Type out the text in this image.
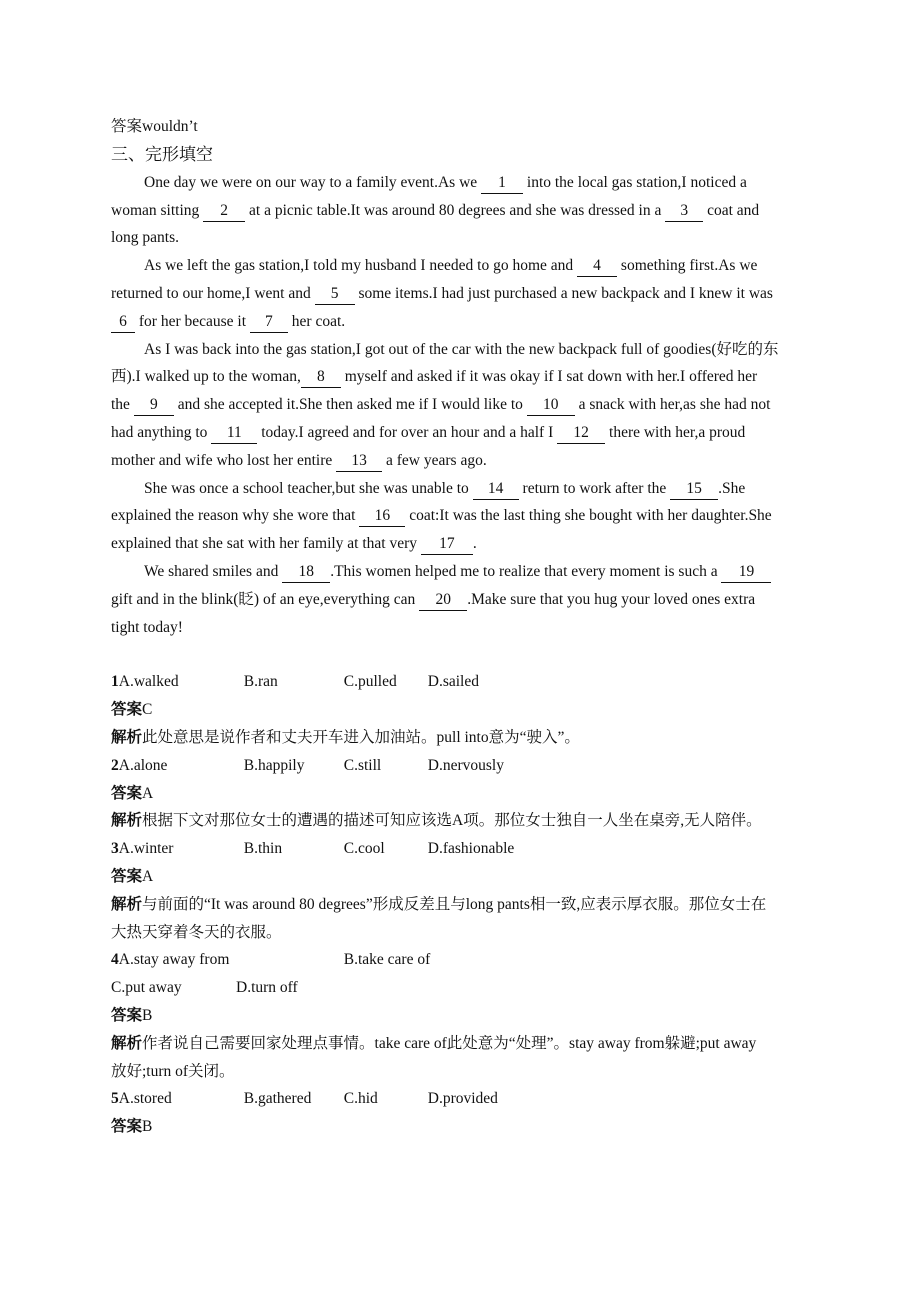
答案wouldn’t
三、完形填空
One day we were on our way to a family event.As we 1 into the local gas station,I noticed a
woman sitting 2 at a picnic table.It was around 80 degrees and she was dressed in a 3 coat and
long pants.
As we left the gas station,I told my husband I needed to go home and 4 something first.As we
returned to our home,I went and 5 some items.I had just purchased a new backpack and I knew it was
6 for her because it 7 her coat.
As I was back into the gas station,I got out of the car with the new backpack full of goodies(好吃的东
西).I walked up to the woman, 8 myself and asked if it was okay if I sat down with her.I offered her
the 9 and she accepted it.She then asked me if I would like to 10 a snack with her,as she had not
had anything to 11 today.I agreed and for over an hour and a half I 12 there with her,a proud
mother and wife who lost her entire 13 a few years ago.
She was once a school teacher,but she was unable to 14 return to work after the 15 .She
explained the reason why she wore that 16 coat:It was the last thing she bought with her daughter.She
explained that she sat with her family at that very 17 .
We shared smiles and 18 .This women helped me to realize that every moment is such a 19
gift and in the blink(眨) of an eye,everything can 20 .Make sure that you hug your loved ones extra
tight today!
1A.walked	B.ran	C.pulled D.sailed
答案C
解析此处意思是说作者和丈夫开车进入加油站。pull into意为“驶入”。
2A.alone	B.happily	C.still	D.nervously
答案A
解析根据下文对那位女士的遭遇的描述可知应该选A项。那位女士独自一人坐在桌旁,无人陪伴。
3A.winter	B.thin	C.cool	D.fashionable
答案A
解析与前面的“It was around 80 degrees”形成反差且与long pants相一致,应表示厚衣服。那位女士在
大热天穿着冬天的衣服。
4A.stay away from	B.take care of
C.put away	D.turn off
答案B
解析作者说自己需要回家处理点事情。take care of此处意为“处理”。stay away from躲避;put away
放好;turn of关闭。
5A.stored	B.gathered C.hid	D.provided
答案B
